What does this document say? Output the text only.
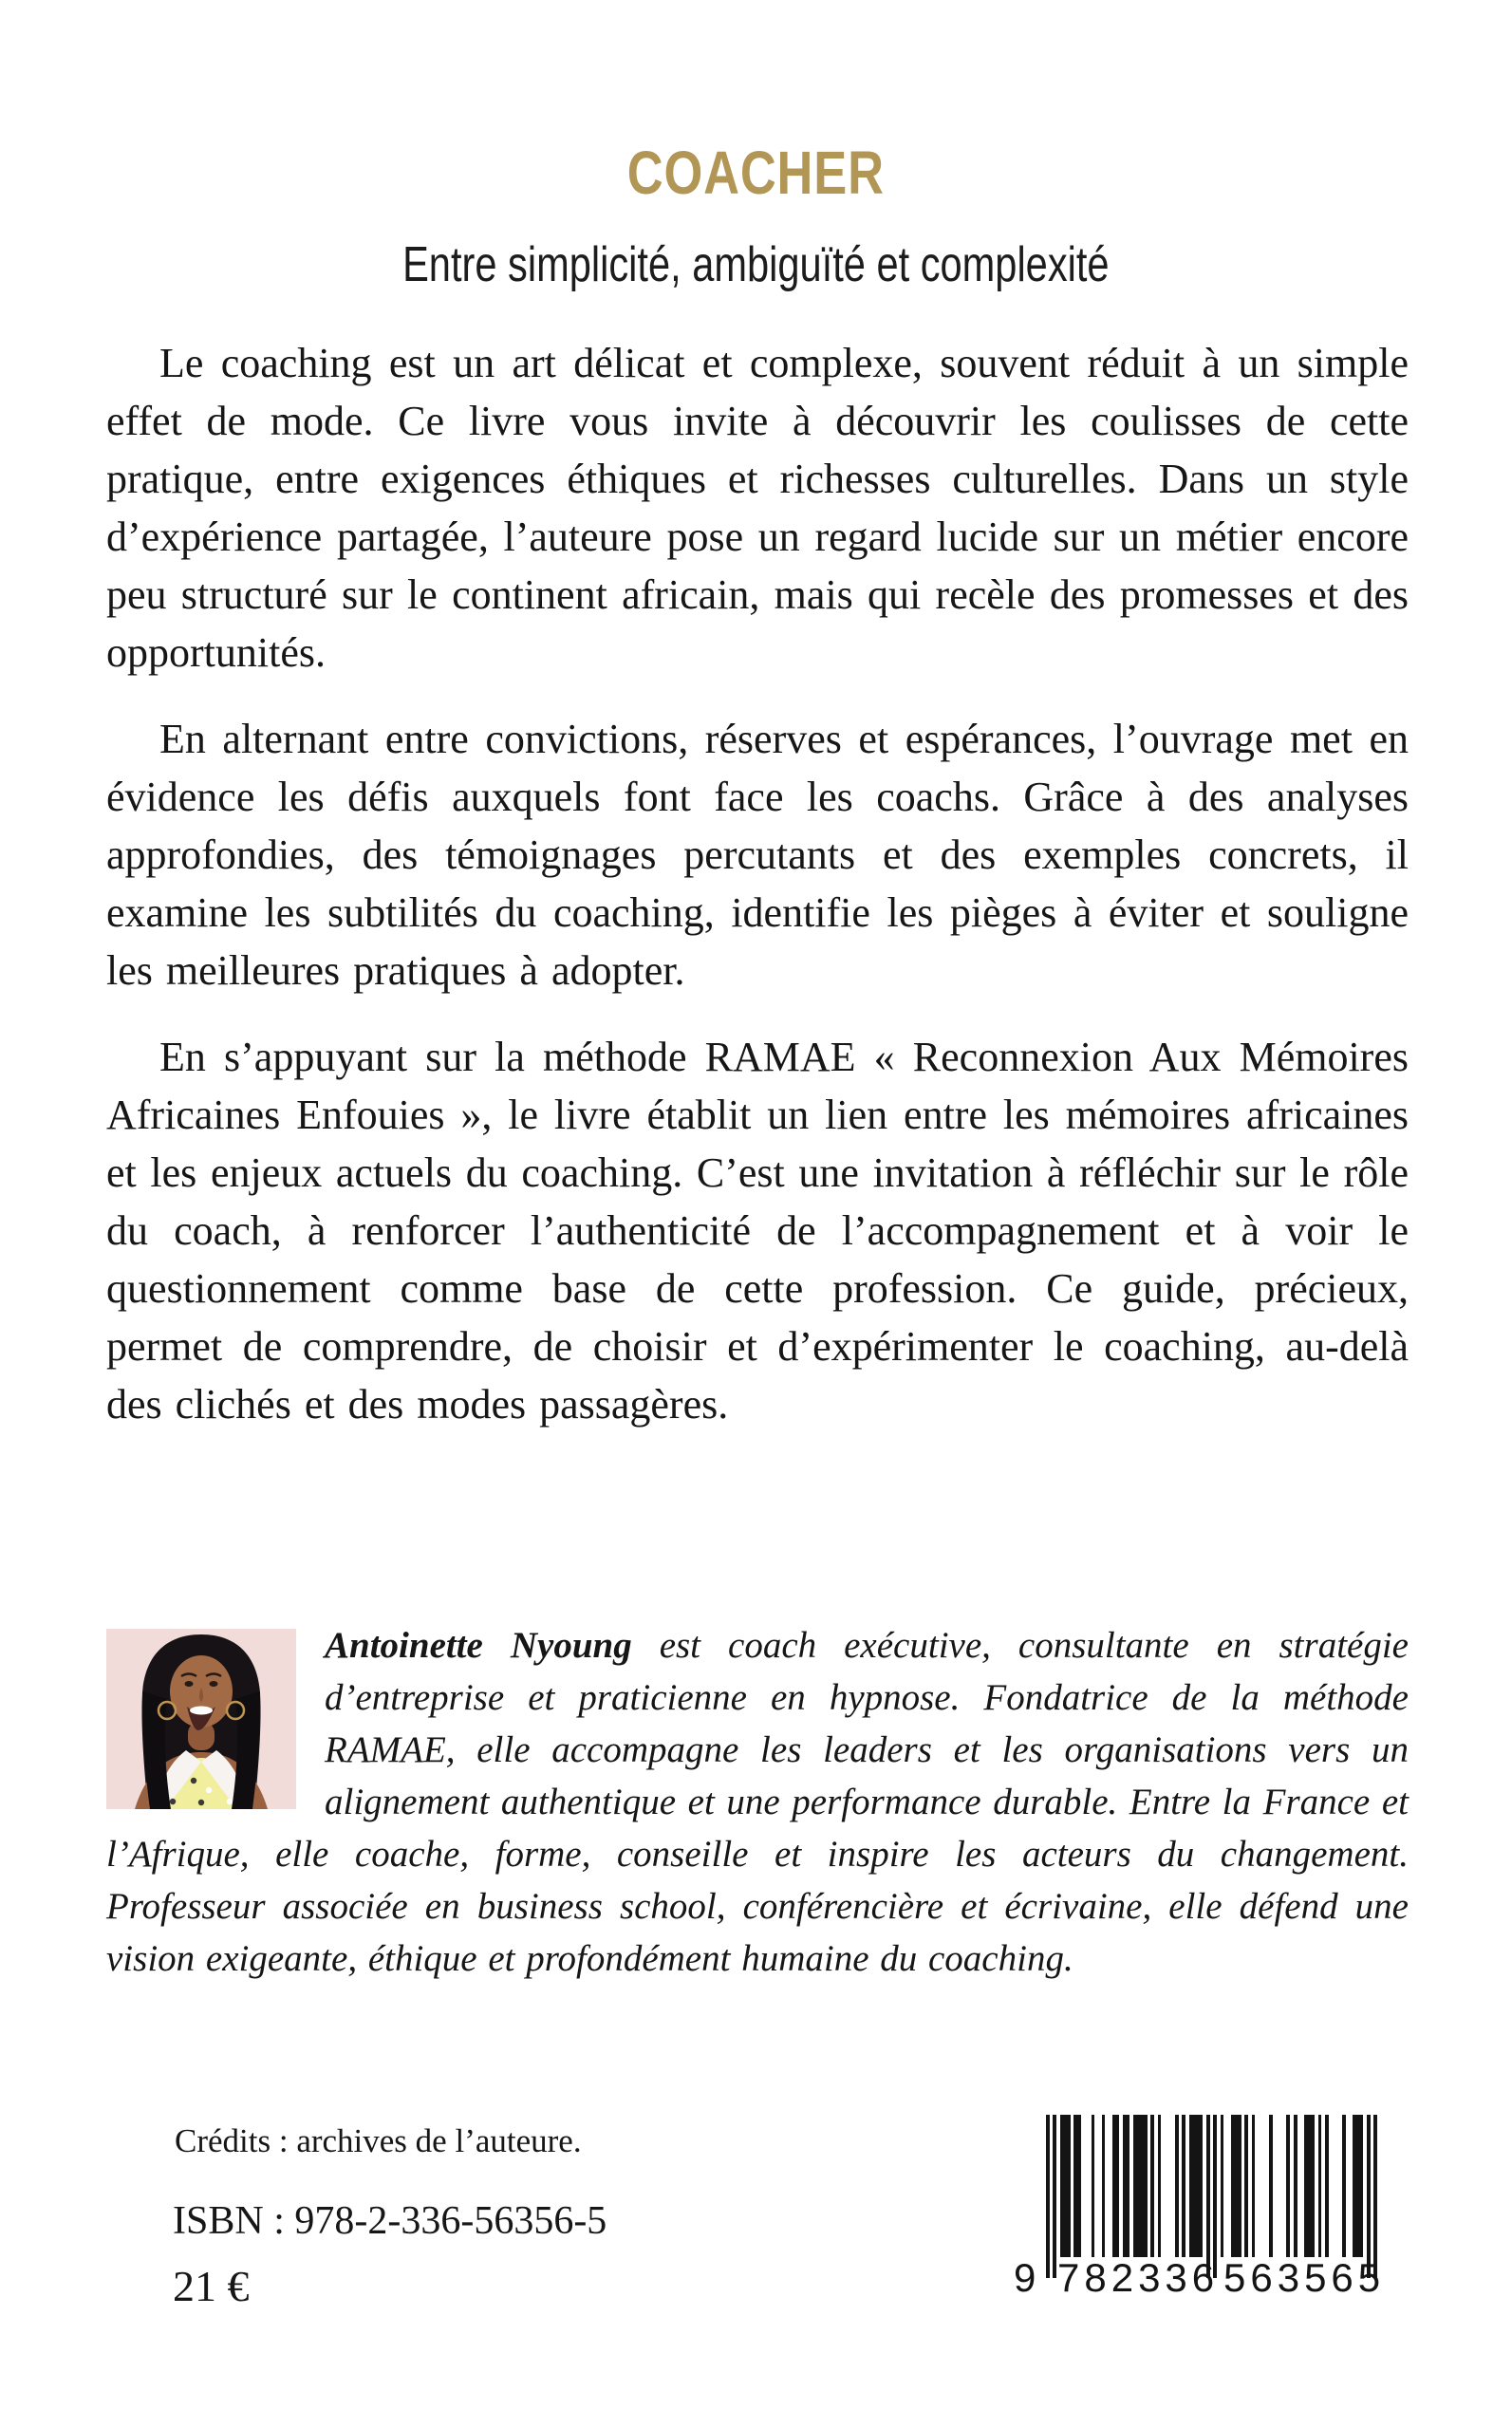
COACHER
Entre simplicité, ambiguïté et complexité

Le coaching est un art délicat et complexe, souvent réduit à un simple effet de mode. Ce livre vous invite à découvrir les coulisses de cette pratique, entre exigences éthiques et richesses culturelles. Dans un style d’expérience partagée, l’auteure pose un regard lucide sur un métier encore peu structuré sur le continent africain, mais qui recèle des promesses et des opportunités.

En alternant entre convictions, réserves et espérances, l’ouvrage met en évidence les défis auxquels font face les coachs. Grâce à des analyses approfondies, des témoignages percutants et des exemples concrets, il examine les subtilités du coaching, identifie les pièges à éviter et souligne les meilleures pratiques à adopter.

En s’appuyant sur la méthode RAMAE « Reconnexion Aux Mémoires Africaines Enfouies », le livre établit un lien entre les mémoires africaines et les enjeux actuels du coaching. C’est une invitation à réfléchir sur le rôle du coach, à renforcer l’authenticité de l’accompagnement et à voir le questionnement comme base de cette profession. Ce guide, précieux, permet de comprendre, de choisir et d’expérimenter le coaching, au-delà des clichés et des modes passagères.

Antoinette Nyoung est coach exécutive, consultante en stratégie d’entreprise et praticienne en hypnose. Fondatrice de la méthode RAMAE, elle accompagne les leaders et les organisations vers un alignement authentique et une performance durable. Entre la France et l’Afrique, elle coache, forme, conseille et inspire les acteurs du changement. Professeur associée en business school, conférencière et écrivaine, elle défend une vision exigeante, éthique et profondément humaine du coaching.

Crédits : archives de l’auteure.
ISBN : 978-2-336-56356-5
21 €	9 782336 563565
